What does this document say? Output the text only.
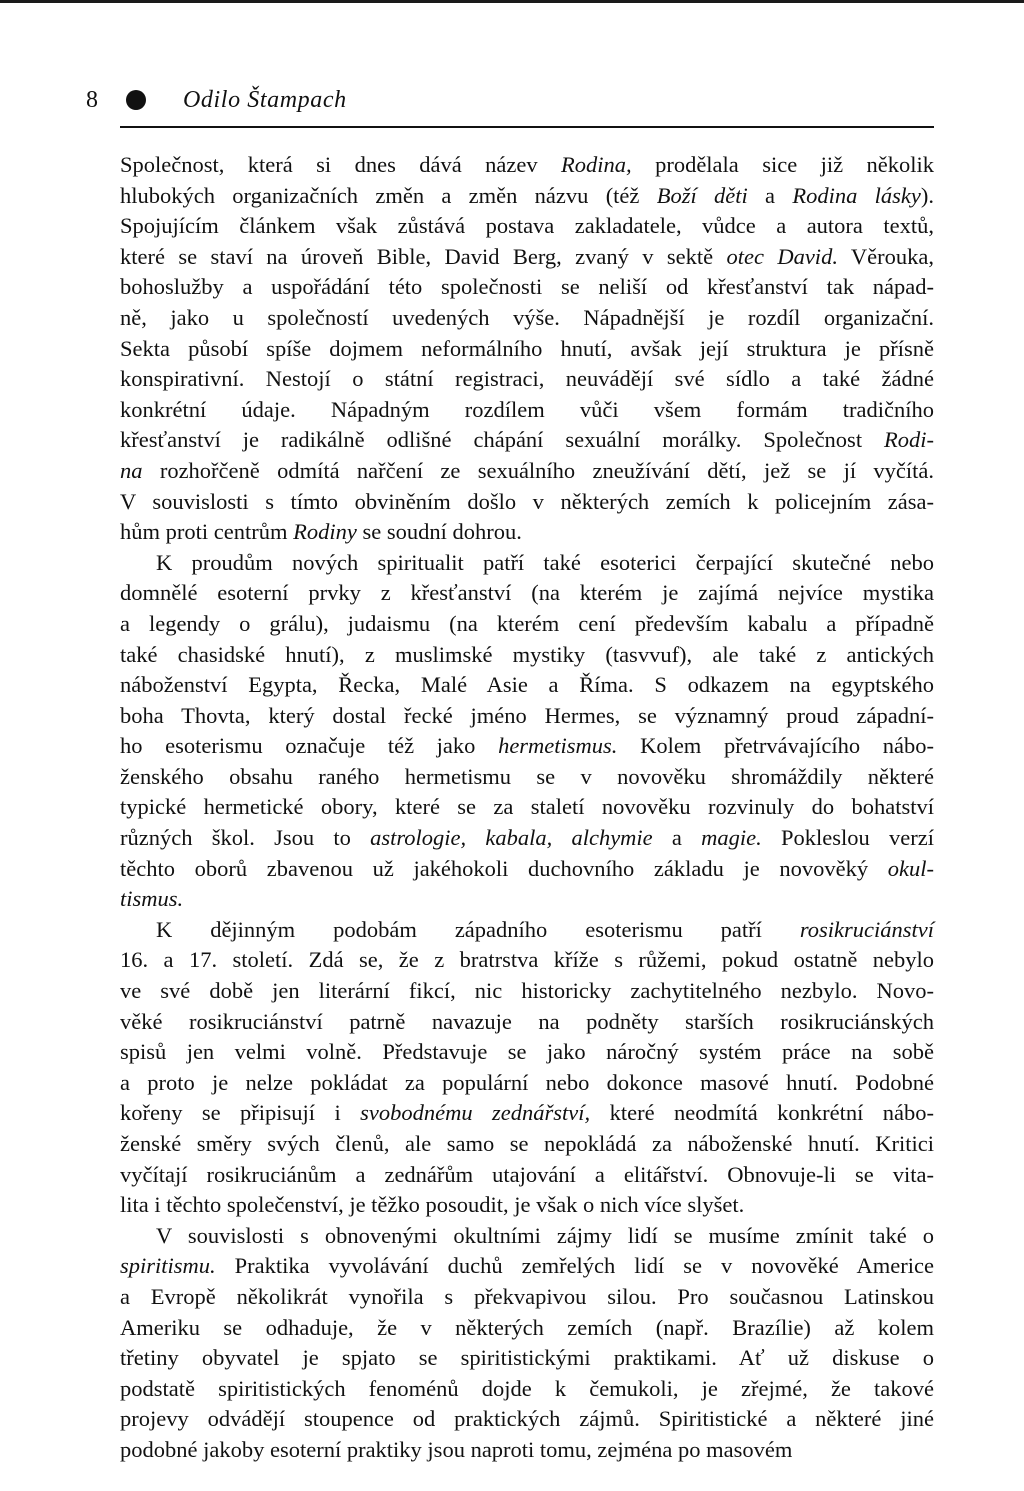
8	Odilo Štampach
Společnost, která si dnes dává název Rodina, prodělala sice již několik
hlubokých organizačních změn a změn názvu (též Boží děti a Rodina lásky).
Spojujícím článkem však zůstává postava zakladatele, vůdce a autora textů,
které se staví na úroveň Bible, David Berg, zvaný v sektě otec David. Věrouka,
bohoslužby a uspořádání této společnosti se neliší od křesťanství tak nápad-
ně, jako u společností uvedených výše. Nápadnější je rozdíl organizační.
Sekta působí spíše dojmem neformálního hnutí, avšak její struktura je přísně
konspirativní. Nestojí o státní registraci, neuvádějí své sídlo a také žádné
konkrétní údaje. Nápadným rozdílem vůči všem formám tradičního
křesťanství je radikálně odlišné chápání sexuální morálky. Společnost Rodi-
na rozhořčeně odmítá nařčení ze sexuálního zneužívání dětí, jež se jí vyčítá.
V souvislosti s tímto obviněním došlo v některých zemích k policejním zása-
hům proti centrům Rodiny se soudní dohrou.
K proudům nových spiritualit patří také esoterici čerpající skutečné nebo
domnělé esoterní prvky z křesťanství (na kterém je zajímá nejvíce mystika
a legendy o grálu), judaismu (na kterém cení především kabalu a případně
také chasidské hnutí), z muslimské mystiky (tasvvuf), ale také z antických
náboženství Egypta, Řecka, Malé Asie a Říma. S odkazem na egyptského
boha Thovta, který dostal řecké jméno Hermes, se významný proud západní-
ho esoterismu označuje též jako hermetismus. Kolem přetrvávajícího nábo-
ženského obsahu raného hermetismu se v novověku shromáždily některé
typické hermetické obory, které se za staletí novověku rozvinuly do bohatství
různých škol. Jsou to astrologie, kabala, alchymie a magie. Pokleslou verzí
těchto oborů zbavenou už jakéhokoli duchovního základu je novověký okul-
tismus.
K dějinným podobám západního esoterismu patří rosikruciánství
16. a 17. století. Zdá se, že z bratrstva kříže s růžemi, pokud ostatně nebylo
ve své době jen literární fikcí, nic historicky zachytitelného nezbylo. Novo-
věké rosikruciánství patrně navazuje na podněty starších rosikruciánských
spisů jen velmi volně. Představuje se jako náročný systém práce na sobě
a proto je nelze pokládat za populární nebo dokonce masové hnutí. Podobné
kořeny se připisují i svobodnému zednářství, které neodmítá konkrétní nábo-
ženské směry svých členů, ale samo se nepokládá za náboženské hnutí. Kritici
vyčítají rosikruciánům a zednářům utajování a elitářství. Obnovuje-li se vita-
lita i těchto společenství, je těžko posoudit, je však o nich více slyšet.
V souvislosti s obnovenými okultními zájmy lidí se musíme zmínit také o
spiritismu. Praktika vyvolávání duchů zemřelých lidí se v novověké Americe
a Evropě několikrát vynořila s překvapivou silou. Pro současnou Latinskou
Ameriku se odhaduje, že v některých zemích (např. Brazílie) až kolem
třetiny obyvatel je spjato se spiritistickými praktikami. Ať už diskuse o
podstatě spiritistických fenoménů dojde k čemukoli, je zřejmé, že takové
projevy odvádějí stoupence od praktických zájmů. Spiritistické a některé jiné
podobné jakoby esoterní praktiky jsou naproti tomu, zejména po masovém
